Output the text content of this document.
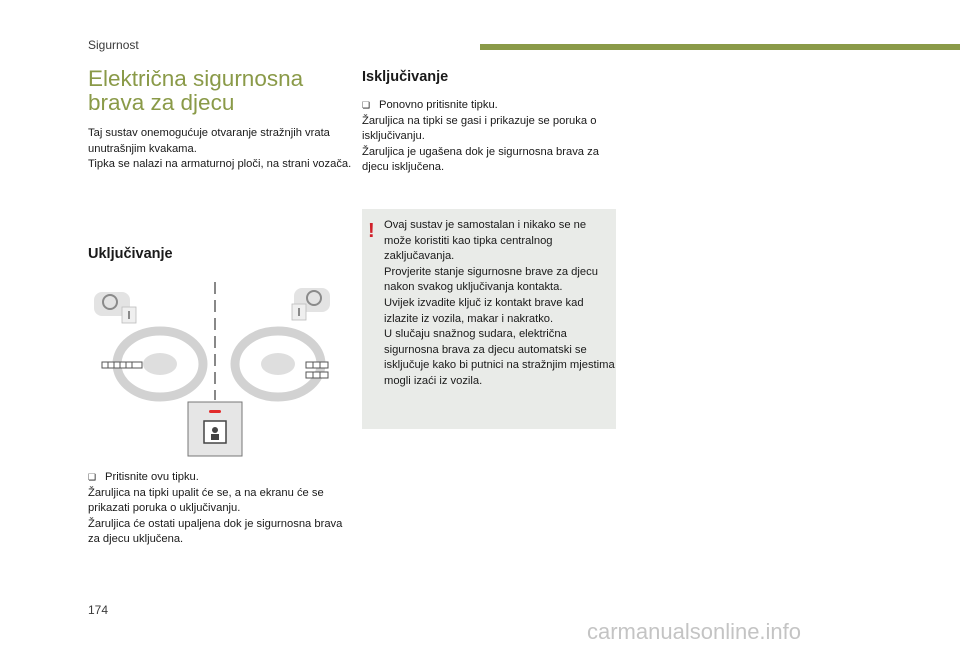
Sigurnost
Električna sigurnosna
brava za djecu

Taj sustav onemogućuje otvaranje stražnjih vrata unutrašnjim kvakama.

Tipka se nalazi na armaturnoj ploči, na strani vozača.

Uključivanje

❏ Pritisnite ovu tipku.

Žaruljica na tipki upalit će se, a na ekranu će se prikazati poruka o uključivanju.

Žaruljica će ostati upaljena dok je sigurnosna brava za djecu uključena.

Isključivanje

❏ Ponovno pritisnite tipku.

Žaruljica na tipki se gasi i prikazuje se poruka o isključivanju.

Žaruljica je ugašena dok je sigurnosna brava za djecu isključena.

! Ovaj sustav je samostalan i nikako se ne može koristiti kao tipka centralnog zaključavanja.

Provjerite stanje sigurnosne brave za djecu nakon svakog uključivanja kontakta.

Uvijek izvadite ključ iz kontakt brave kad izlazite iz vozila, makar i nakratko.

U slučaju snažnog sudara, električna sigurnosna brava za djecu automatski se isključuje kako bi putnici na stražnjim mjestima mogli izaći iz vozila.

174
carmanualsonline.info
